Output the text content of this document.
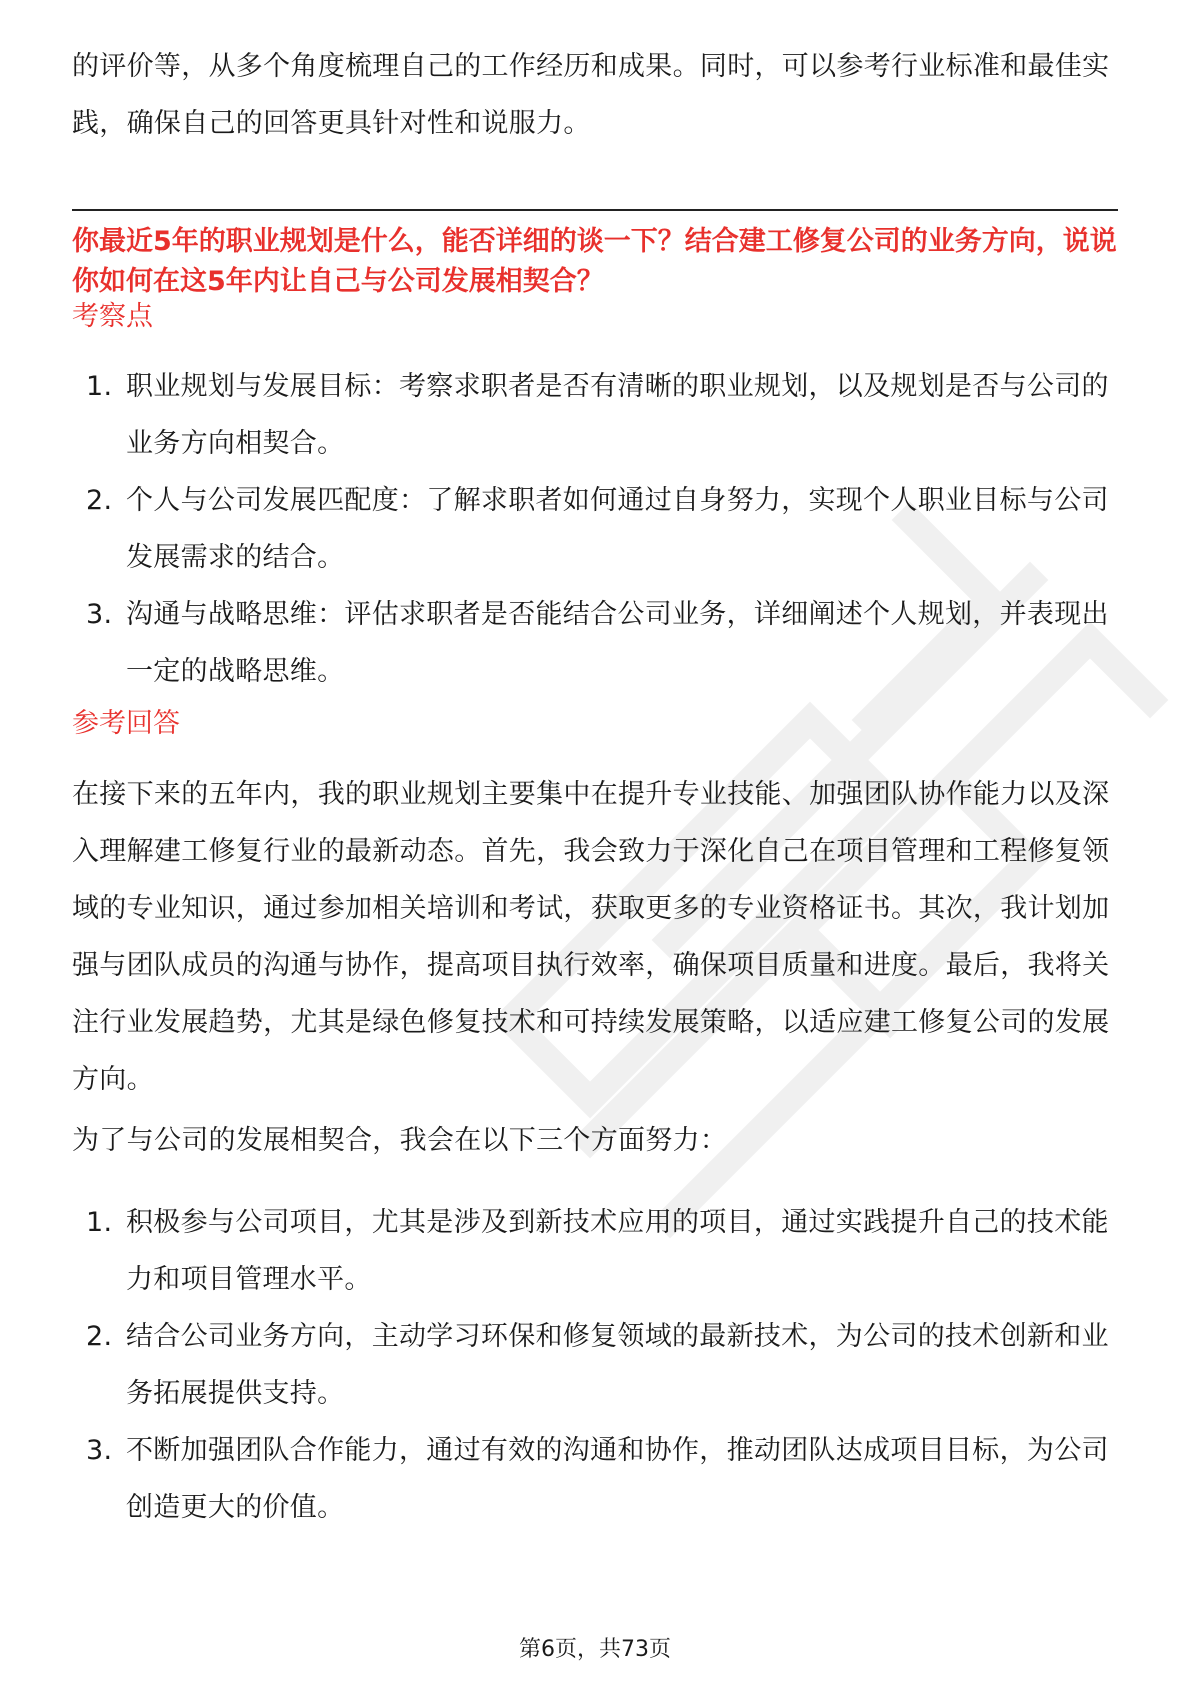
的评价等，从多个角度梳理自己的工作经历和成果。同时，可以参考行业标准和最佳实践，确保自己的回答更具针对性和说服力。

你最近5年的职业规划是什么，能否详细的谈一下？结合建工修复公司的业务方向，说说你如何在这5年内让自己与公司发展相契合？

考察点

1. 职业规划与发展目标：考察求职者是否有清晰的职业规划，以及规划是否与公司的业务方向相契合。
2. 个人与公司发展匹配度：了解求职者如何通过自身努力，实现个人职业目标与公司发展需求的结合。
3. 沟通与战略思维：评估求职者是否能结合公司业务，详细阐述个人规划，并表现出一定的战略思维。

参考回答

在接下来的五年内，我的职业规划主要集中在提升专业技能、加强团队协作能力以及深入理解建工修复行业的最新动态。首先，我会致力于深化自己在项目管理和工程修复领域的专业知识，通过参加相关培训和考试，获取更多的专业资格证书。其次，我计划加强与团队成员的沟通与协作，提高项目执行效率，确保项目质量和进度。最后，我将关注行业发展趋势，尤其是绿色修复技术和可持续发展策略，以适应建工修复公司的发展方向。

为了与公司的发展相契合，我会在以下三个方面努力：

1. 积极参与公司项目，尤其是涉及到新技术应用的项目，通过实践提升自己的技术能力和项目管理水平。
2. 结合公司业务方向，主动学习环保和修复领域的最新技术，为公司的技术创新和业务拓展提供支持。
3. 不断加强团队合作能力，通过有效的沟通和协作，推动团队达成项目目标，为公司创造更大的价值。
第6页，共73页
